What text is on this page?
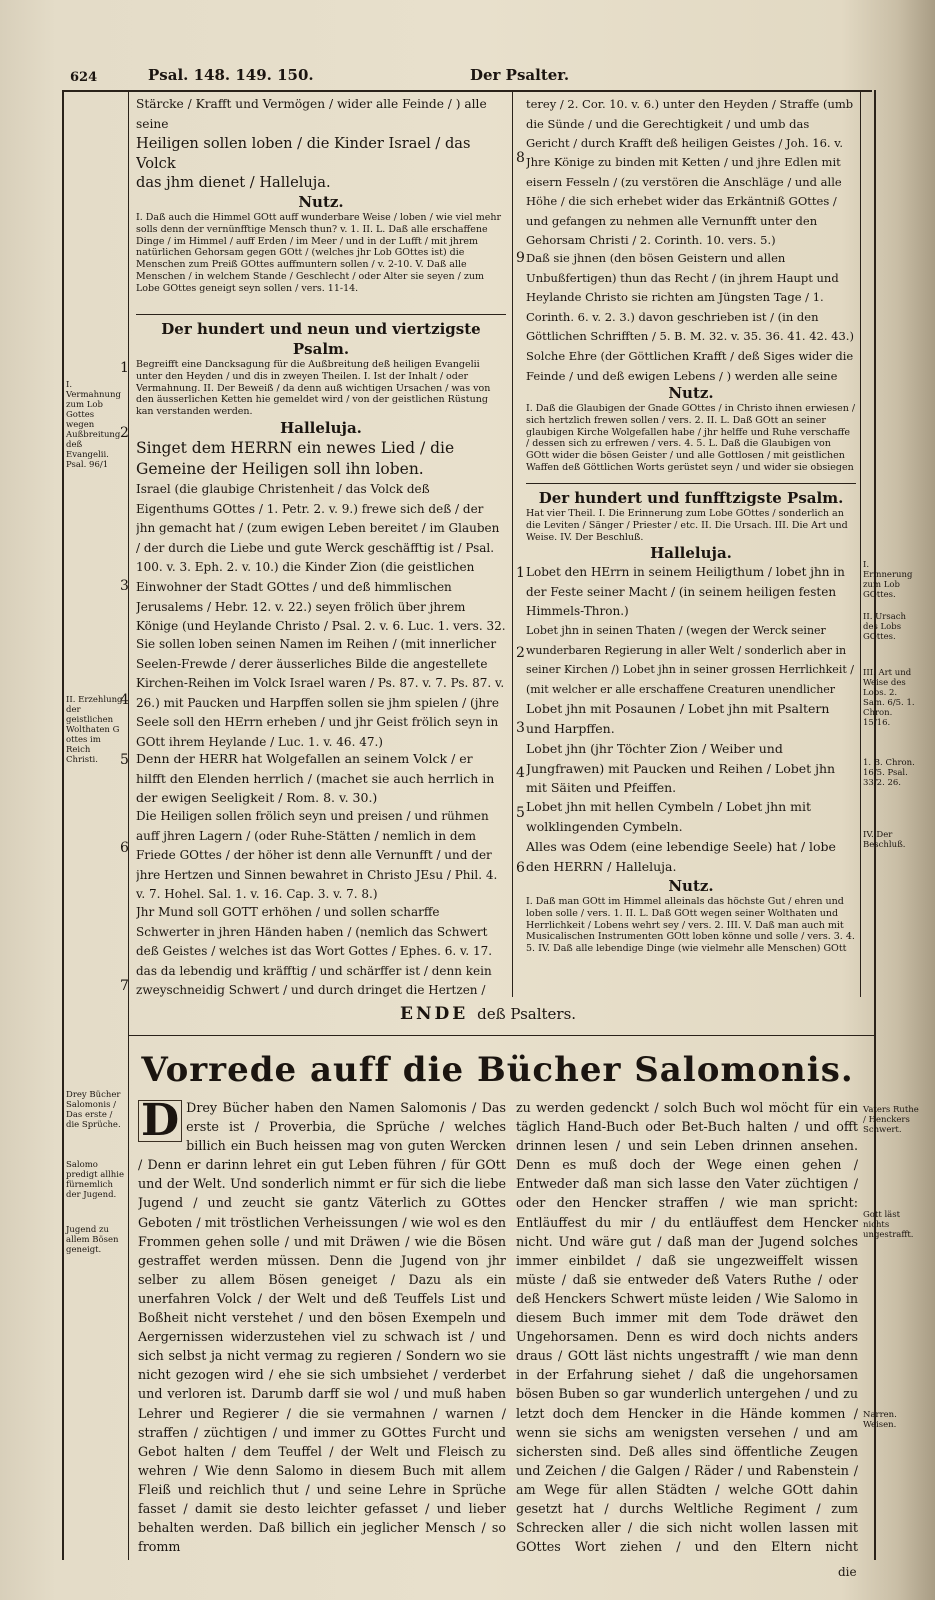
624	Psal. 148. 149. 150.	Der Psalter.
1
2
3
4
5
6
7
8
9
1
2
3
4
5
6
I. Vermahnung zum Lob Gottes wegen Außbreitung deß Evangelii. Psal. 96/1
II. Erzehlung der geistlichen Wolthaten G ottes im Reich Christi.
Drey Bücher Salomonis / Das erste / die Sprüche.
Salomo predigt allhie fürnemlich der Jugend.
Jugend zu allem Bösen geneigt.
I. Erinnerung zum Lob GOttes.
II. Ursach des Lobs GOttes.
III. Art und Weise des Lobs. 2. Sam. 6/5. 1. Chron. 15/16.
1. B. Chron. 16/5. Psal. 33/2. 26.
IV. Der Beschluß.
Vaters Ruthe / Henckers Schwert.
Gott läst nichts ungestrafft.
Narren. Weisen.

Stärcke / Krafft und Vermögen / wider alle Feinde / ) alle seine

Heiligen sollen loben / die Kinder Israel / das Volck

das jhm dienet / Halleluja.

Nutz.

I. Daß auch die Himmel GOtt auff wunderbare Weise / loben / wie viel mehr solls denn der vernünfftige Mensch thun? v. 1. II. L. Daß alle erschaffene Dinge / im Himmel / auff Erden / im Meer / und in der Lufft / mit jhrem natürlichen Gehorsam gegen GOtt / (welches jhr Lob GOttes ist) die Menschen zum Preiß GOttes auffmuntern sollen / v. 2-10. V. Daß alle Menschen / in welchem Stande / Geschlecht / oder Alter sie seyen / zum Lobe GOttes geneigt seyn sollen / vers. 11-14.

Der hundert und neun und viertzigste Psalm.

Begreifft eine Dancksagung für die Außbreitung deß heiligen Evangelii unter den Heyden / und dis in zweyen Theilen. I. Ist der Inhalt / oder Vermahnung. II. Der Beweiß / da denn auß wichtigen Ursachen / was von den äusserlichen Ketten hie gemeldet wird / von der geistlichen Rüstung kan verstanden werden.

Halleluja.

Singet dem HERRN ein newes Lied / die Gemeine der Heiligen soll ihn loben.

Israel (die glaubige Christenheit / das Volck deß Eigenthums GOttes / 1. Petr. 2. v. 9.) frewe sich deß / der jhn gemacht hat / (zum ewigen Leben bereitet / im Glauben / der durch die Liebe und gute Werck geschäfftig ist / Psal. 100. v. 3. Eph. 2. v. 10.) die Kinder Zion (die geistlichen Einwohner der Stadt GOttes / und deß himmlischen Jerusalems / Hebr. 12. v. 22.) seyen frölich über jhrem Könige (und Heylande Christo / Psal. 2. v. 6. Luc. 1. vers. 32.

Sie sollen loben seinen Namen im Reihen / (mit innerlicher Seelen-Frewde / derer äusserliches Bilde die angestellete Kirchen-Reihen im Volck Israel waren / Ps. 87. v. 7. Ps. 87. v. 26.) mit Paucken und Harpffen sollen sie jhm spielen / (jhre Seele soll den HErrn erheben / und jhr Geist frölich seyn in GOtt ihrem Heylande / Luc. 1. v. 46. 47.)

Denn der HERR hat Wolgefallen an seinem Volck / er hilfft den Elenden herrlich / (machet sie auch herrlich in der ewigen Seeligkeit / Rom. 8. v. 30.)

Die Heiligen sollen frölich seyn und preisen / und rühmen auff jhren Lagern / (oder Ruhe-Stätten / nemlich in dem Friede GOttes / der höher ist denn alle Vernunfft / und der jhre Hertzen und Sinnen bewahret in Christo JEsu / Phil. 4. v. 7. Hohel. Sal. 1. v. 16. Cap. 3. v. 7. 8.)

Jhr Mund soll GOTT erhöhen / und sollen scharffe Schwerter in jhren Händen haben / (nemlich das Schwert deß Geistes / welches ist das Wort Gottes / Ephes. 6. v. 17. das da lebendig und kräfftig / und schärffer ist / denn kein zweyschneidig Schwert / und durch dringet die Hertzen /

terey / 2. Cor. 10. v. 6.) unter den Heyden / Straffe (umb die Sünde / und die Gerechtigkeit / und umb das Gericht / durch Krafft deß heiligen Geistes / Joh. 16. v.

Jhre Könige zu binden mit Ketten / und jhre Edlen mit eisern Fesseln / (zu verstören die Anschläge / und alle Höhe / die sich erhebet wider das Erkäntniß GOttes / und gefangen zu nehmen alle Vernunfft unter den Gehorsam Christi / 2. Corinth. 10. vers. 5.)

Daß sie jhnen (den bösen Geistern und allen Unbußfertigen) thun das Recht / (in jhrem Haupt und Heylande Christo sie richten am Jüngsten Tage / 1. Corinth. 6. v. 2. 3.) davon geschrieben ist / (in den Göttlichen Schrifften / 5. B. M. 32. v. 35. 36. 41. 42. 43.) Solche Ehre (der Göttlichen Krafft / deß Siges wider die Feinde / und deß ewigen Lebens / ) werden alle seine

Nutz.

I. Daß die Glaubigen der Gnade GOttes / in Christo ihnen erwiesen / sich hertzlich frewen sollen / vers. 2. II. L. Daß GOtt an seiner glaubigen Kirche Wolgefallen habe / jhr helffe und Ruhe verschaffe / dessen sich zu erfrewen / vers. 4. 5. L. Daß die Glaubigen von GOtt wider die bösen Geister / und alle Gottlosen / mit geistlichen Waffen deß Göttlichen Worts gerüstet seyn / und wider sie obsiegen

Der hundert und funfftzigste Psalm.

Hat vier Theil. I. Die Erinnerung zum Lobe GOttes / sonderlich an die Leviten / Sänger / Priester / etc. II. Die Ursach. III. Die Art und Weise. IV. Der Beschluß.

Halleluja.

Lobet den HErrn in seinem Heiligthum / lobet jhn in der Feste seiner Macht / (in seinem heiligen festen Himmels-Thron.)

Lobet jhn in seinen Thaten / (wegen der Werck seiner wunderbaren Regierung in aller Welt / sonderlich aber in seiner Kirchen /) Lobet jhn in seiner grossen Herrlichkeit / (mit welcher er alle erschaffene Creaturen unendlicher

Lobet jhn mit Posaunen / Lobet jhn mit Psaltern und Harpffen.

Lobet jhn (jhr Töchter Zion / Weiber und Jungfrawen) mit Paucken und Reihen / Lobet jhn mit Säiten und Pfeiffen.

Lobet jhn mit hellen Cymbeln / Lobet jhn mit wolklingenden Cymbeln.

Alles was Odem (eine lebendige Seele) hat / lobe den HERRN / Halleluja.

Nutz.

I. Daß man GOtt im Himmel alleinals das höchste Gut / ehren und loben solle / vers. 1. II. L. Daß GOtt wegen seiner Wolthaten und Herrlichkeit / Lobens wehrt sey / vers. 2. III. V. Daß man auch mit Musicalischen Instrumenten GOtt loben könne und solle / vers. 3. 4. 5. IV. Daß alle lebendige Dinge (wie vielmehr alle Menschen) GOtt

ENDE deß Psalters.
Vorrede auff die Bücher Salomonis.

D Drey Bücher haben den Namen Salomonis / Das erste ist / Proverbia, die Sprüche / welches billich ein Buch heissen mag von guten Wercken / Denn er darinn lehret ein gut Leben führen / für GOtt und der Welt. Und sonderlich nimmt er für sich die liebe Jugend / und zeucht sie gantz Väterlich zu GOttes Geboten / mit tröstlichen Verheissungen / wie wol es den Frommen gehen solle / und mit Dräwen / wie die Bösen gestraffet werden müssen. Denn die Jugend von jhr selber zu allem Bösen geneiget / Dazu als ein unerfahren Volck / der Welt und deß Teuffels List und Boßheit nicht verstehet / und den bösen Exempeln und Aergernissen widerzustehen viel zu schwach ist / und sich selbst ja nicht vermag zu regieren / Sondern wo sie nicht gezogen wird / ehe sie sich umbsiehet / verderbet und verloren ist. Darumb darff sie wol / und muß haben Lehrer und Regierer / die sie vermahnen / warnen / straffen / züchtigen / und immer zu GOttes Furcht und Gebot halten / dem Teuffel / der Welt und Fleisch zu wehren / Wie denn Salomo in diesem Buch mit allem Fleiß und reichlich thut / und seine Lehre in Sprüche fasset / damit sie desto leichter gefasset / und lieber behalten werden. Daß billich ein jeglicher Mensch / so fromm

zu werden gedenckt / solch Buch wol möcht für ein täglich Hand-Buch oder Bet-Buch halten / und offt drinnen lesen / und sein Leben drinnen ansehen. Denn es muß doch der Wege einen gehen / Entweder daß man sich lasse den Vater züchtigen / oder den Hencker straffen / wie man spricht: Entläuffest du mir / du entläuffest dem Hencker nicht. Und wäre gut / daß man der Jugend solches immer einbildet / daß sie ungezweiffelt wissen müste / daß sie entweder deß Vaters Ruthe / oder deß Henckers Schwert müste leiden / Wie Salomo in diesem Buch immer mit dem Tode dräwet den Ungehorsamen. Denn es wird doch nichts anders draus / GOtt läst nichts ungestrafft / wie man denn in der Erfahrung siehet / daß die ungehorsamen bösen Buben so gar wunderlich untergehen / und zu letzt doch dem Hencker in die Hände kommen / wenn sie sichs am wenigsten versehen / und am sichersten sind. Deß alles sind öffentliche Zeugen und Zeichen / die Galgen / Räder / und Rabenstein / am Wege für allen Städten / welche GOtt dahin gesetzt hat / durchs Weltliche Regiment / zum Schrecken aller / die sich nicht wollen lassen mit GOttes Wort ziehen / und den Eltern nicht

die
